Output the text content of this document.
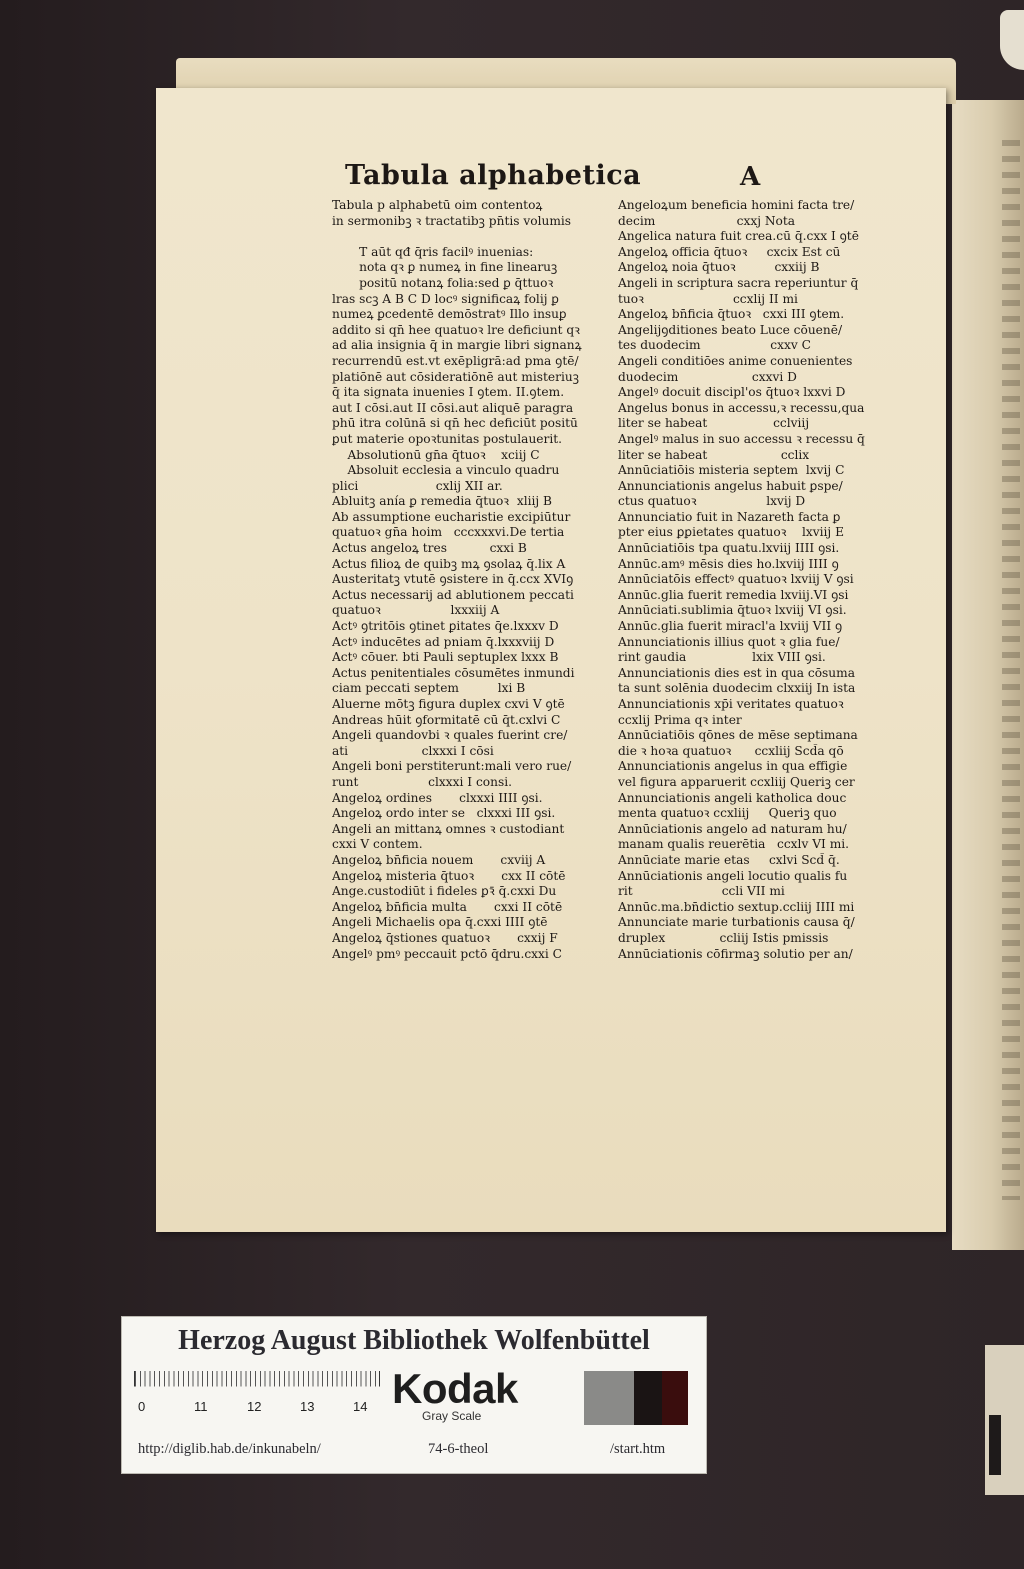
Tabula alphabetica	A
Tabula p alphabetū oim contentoꝝ
in sermonibꝫ ꝛ tractatibꝫ pn̄tis volumis
T aūt qđ q̄ris facilꝰ inuenias:
nota qꝛ ꝑ numeꝝ in fine linearuꝫ
positū notanꝝ folia:sed ꝑ q̄ttuoꝛ
lras scꝫ A B C D locꝰ significaꝝ folij ꝑ
numeꝝ ꝑcedentē demōstratꝰ Illo insuꝑ
addito si qn̄ hee quatuoꝛ lre deficiunt qꝛ
ad alia insignia q̄ in margie libri signanꝝ
recurrendū est.vt exēpligrā:ad pma ꝯtē/
platiōnē aut cōsideratiōnē aut misteriuꝫ
q̄ ita signata inuenies I ꝯtem. II.ꝯtem.
aut I cōsi.aut II cōsi.aut aliquē paragra
phū itra colūnā si qn̄ hec deficiūt positū
ꝑut materie opoꝛtunitas postulauerit.
Absolutionū gn̄a q̄tuoꝛ    xciij C
Absoluit ecclesia a vinculo quadru
plici                    cxlij XII ar.
Abluitꝫ anía ꝑ remedia q̄tuoꝛ  xliij B
Ab assumptione eucharistie excipiūtur
quatuoꝛ gn̄a hoim   cccxxxvi.De tertia
Actus angeloꝝ tres           cxxi B
Actus filioꝝ de quibꝫ mꝝ ꝯsolaꝝ q̄.lix A
Austeritatꝫ vtutē ꝯsistere in q̄.ccx XVIꝯ
Actus necessarij ad ablutionem peccati
quatuoꝛ                  lxxxiij A
Actꝰ ꝯtritōis ꝯtinet ꝑitates q̄e.lxxxv D
Actꝰ inducētes ad pniam q̄.lxxxviij D
Actꝰ cōuer. bti Pauli septuplex lxxx B
Actus penitentiales cōsumētes inmundi
ciam peccati septem          lxi B
Aluerne mōtꝫ figura duplex cxvi V ꝯtē
Andreas hūit ꝯformitatē cū q̄t.cxlvi C
Angeli quandovbi ꝛ quales fuerint cre/
ati                   clxxxi I cōsi
Angeli boni perstiterunt:mali vero rue/
runt                  clxxxi I consi.
Angeloꝝ ordines       clxxxi IIII ꝯsi.
Angeloꝝ ordo inter se   clxxxi III ꝯsi.
Angeli an mittanꝝ omnes ꝛ custodiant
cxxi V contem.
Angeloꝝ bn̄ficia nouem       cxviij A
Angeloꝝ misteria q̄tuoꝛ       cxx II cōtē
Ange.custodiūt i fideles ꝑꝛ̄ q̄.cxxi Du
Angeloꝝ bn̄ficia multa       cxxi II cōtē
Angeli Michaelis opa q̄.cxxi IIII ꝯtē
Angeloꝝ q̄stiones quatuoꝛ       cxxij F
Angelꝰ pmꝰ peccauit pctō q̄dru.cxxi C
Angeloꝝum beneficia homini facta tre/
decim                     cxxj Nota
Angelica natura fuit crea.cū q̄.cxx I ꝯtē
Angeloꝝ officia q̄tuoꝛ     cxcix Est cū
Angeloꝝ noia q̄tuoꝛ          cxxiij B
Angeli in scriptura sacra reperiuntur q̄
tuoꝛ                       ccxlij II mi
Angeloꝝ bn̄ficia q̄tuoꝛ   cxxi III ꝯtem.
Angelijꝯditiones beato Luce cōuenē/
tes duodecim                  cxxv C
Angeli conditiōes anime conuenientes
duodecim                   cxxvi D
Angelꝰ docuit discipl'os q̄tuoꝛ lxxvi D
Angelus bonus in accessu,ꝛ recessu,qua
liter se habeat                 cclviij
Angelꝰ malus in suo accessu ꝛ recessu q̄
liter se habeat                   cclix
Annūciatiōis misteria septem  lxvij C
Annunciationis angelus habuit ꝑspe/
ctus quatuoꝛ                  lxvij D
Annunciatio fuit in Nazareth facta ꝑ
pter eius ꝑꝑietates quatuoꝛ    lxviij E
Annūciatiōis tpa quatu.lxviij IIII ꝯsi.
Annūc.amꝰ mēsis dies ho.lxviij IIII ꝯ
Annūciatōis effectꝰ quatuoꝛ lxviij V ꝯsi
Annūc.glia fuerit remedia lxviij.VI ꝯsi
Annūciati.sublimia q̄tuoꝛ lxviij VI ꝯsi.
Annūc.glia fuerit miracl'a lxviij VII ꝯ
Annunciationis illius quot ꝛ glia fue/
rint gaudia                 lxix VIII ꝯsi.
Annunciationis dies est in qua cōsuma
ta sunt solēnia duodecim clxxiij In ista
Annunciationis xp̄i veritates quatuoꝛ
ccxlij Prima qꝛ inter
Annūciatiōis qōnes de mēse septimana
die ꝛ hoꝛa quatuoꝛ      ccxliij Scd̄a qō
Annunciationis angelus in qua effigie
vel figura apparuerit ccxliij Queriꝫ cer
Annunciationis angeli katholica douc
menta quatuoꝛ ccxliij     Queriꝫ quo
Annūciationis angelo ad naturam hu/
manam qualis reuerētia   ccxlv VI mi.
Annūciate marie etas     cxlvi Scd̄ q̄.
Annūciationis angeli locutio qualis fu
rit                       ccli VII mi
Annūc.ma.bn̄dictio sextup.ccliij IIII mi
Annunciate marie turbationis causa q̄/
druplex              ccliij Istis pmissis
Annūciationis cōfirmaꝫ solutio per an/
Herzog August Bibliothek Wolfenbüttel
0	11	12	13	14 Kodak
Gray Scale
http://diglib.hab.de/inkunabeln/	74-6-theol	/start.htm
